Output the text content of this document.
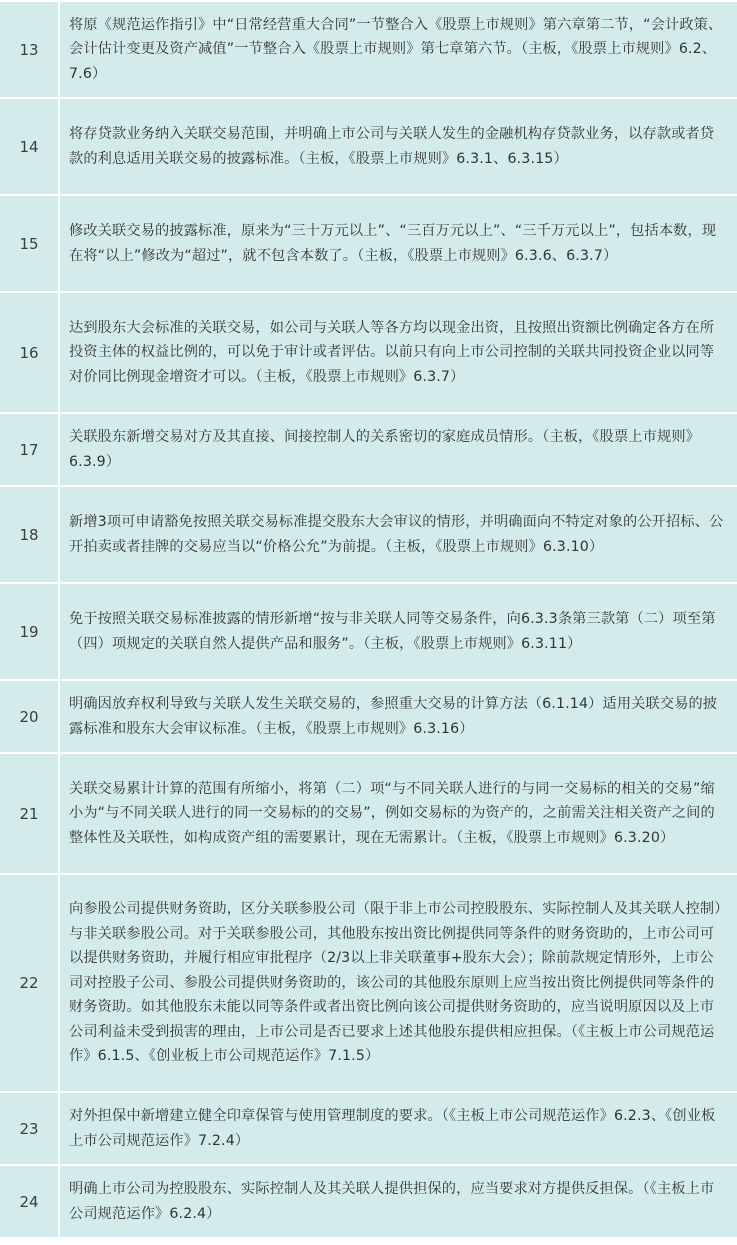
13
将原《规范运作指引》中“日常经营重大合同”一节整合入《股票上市规则》第六章第二节，“会计政策、会计估计变更及资产减值”一节整合入《股票上市规则》第七章第六节。（主板，《股票上市规则》6.2、7.6）
14
将存贷款业务纳入关联交易范围，并明确上市公司与关联人发生的金融机构存贷款业务，以存款或者贷款的利息适用关联交易的披露标准。（主板，《股票上市规则》6.3.1、6.3.15）
15
修改关联交易的披露标准，原来为“三十万元以上”、“三百万元以上”、“三千万元以上”，包括本数，现在将“以上”修改为“超过”，就不包含本数了。（主板，《股票上市规则》6.3.6、6.3.7）
16
达到股东大会标准的关联交易，如公司与关联人等各方均以现金出资，且按照出资额比例确定各方在所投资主体的权益比例的，可以免于审计或者评估。以前只有向上市公司控制的关联共同投资企业以同等对价同比例现金增资才可以。（主板，《股票上市规则》6.3.7）
17
关联股东新增交易对方及其直接、间接控制人的关系密切的家庭成员情形。（主板，《股票上市规则》6.3.9）
18
新增3项可申请豁免按照关联交易标准提交股东大会审议的情形，并明确面向不特定对象的公开招标、公开拍卖或者挂牌的交易应当以“价格公允”为前提。（主板，《股票上市规则》6.3.10）
19
免于按照关联交易标准披露的情形新增“按与非关联人同等交易条件，向6.3.3条第三款第（二）项至第（四）项规定的关联自然人提供产品和服务”。（主板，《股票上市规则》6.3.11）
20
明确因放弃权利导致与关联人发生关联交易的，参照重大交易的计算方法（6.1.14）适用关联交易的披露标准和股东大会审议标准。（主板，《股票上市规则》6.3.16）
21
关联交易累计计算的范围有所缩小，将第（二）项“与不同关联人进行的与同一交易标的相关的交易”缩小为“与不同关联人进行的同一交易标的的交易”，例如交易标的为资产的，之前需关注相关资产之间的整体性及关联性，如构成资产组的需要累计，现在无需累计。（主板，《股票上市规则》6.3.20）
22
向参股公司提供财务资助，区分关联参股公司（限于非上市公司控股股东、实际控制人及其关联人控制）与非关联参股公司。对于关联参股公司，其他股东按出资比例提供同等条件的财务资助的，上市公司可以提供财务资助，并履行相应审批程序（2/3以上非关联董事+股东大会）；除前款规定情形外，上市公司对控股子公司、参股公司提供财务资助的，该公司的其他股东原则上应当按出资比例提供同等条件的财务资助。如其他股东未能以同等条件或者出资比例向该公司提供财务资助的，应当说明原因以及上市公司利益未受到损害的理由，上市公司是否已要求上述其他股东提供相应担保。（《主板上市公司规范运作》6.1.5、《创业板上市公司规范运作》7.1.5）
23
对外担保中新增建立健全印章保管与使用管理制度的要求。（《主板上市公司规范运作》6.2.3、《创业板上市公司规范运作》7.2.4）
24
明确上市公司为控股股东、实际控制人及其关联人提供担保的，应当要求对方提供反担保。（《主板上市公司规范运作》6.2.4）
